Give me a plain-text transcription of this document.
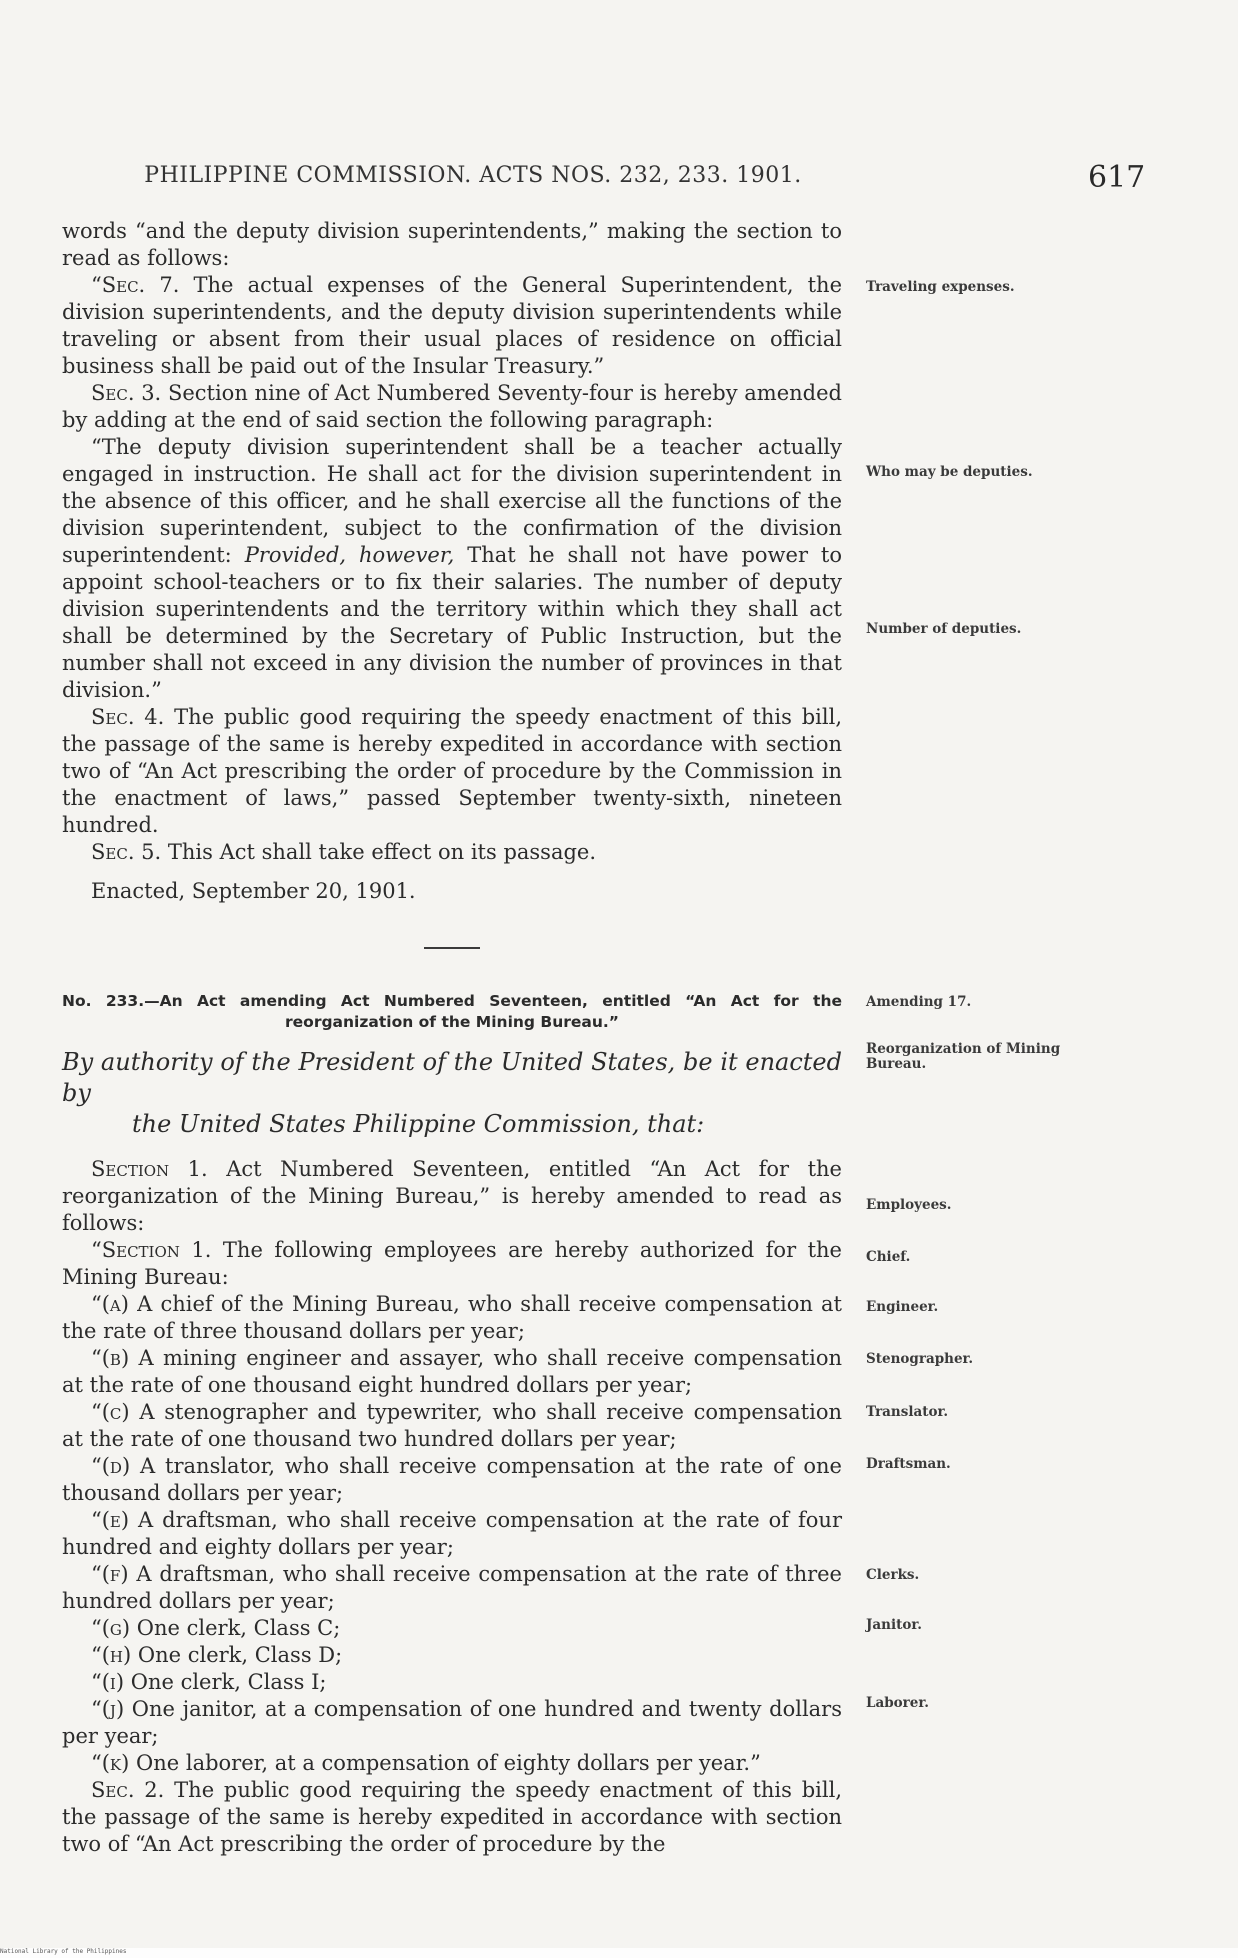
PHILIPPINE COMMISSION. ACTS NOS. 232, 233. 1901.	617

words “and the deputy division superintendents,” making the section to read as follows:

“Sec. 7. The actual expenses of the General Superintendent, the division superintendents, and the deputy division superintendents while traveling or absent from their usual places of residence on official business shall be paid out of the Insular Treasury.”

Sec. 3. Section nine of Act Numbered Seventy-four is hereby amended by adding at the end of said section the following paragraph:

“The deputy division superintendent shall be a teacher actually engaged in instruction. He shall act for the division superintendent in the absence of this officer, and he shall exercise all the functions of the division superintendent, subject to the confirmation of the division superintendent: Provided, however, That he shall not have power to appoint school-teachers or to fix their salaries. The number of deputy division superintendents and the territory within which they shall act shall be determined by the Secretary of Public Instruction, but the number shall not exceed in any division the number of provinces in that division.”

Sec. 4. The public good requiring the speedy enactment of this bill, the passage of the same is hereby expedited in accordance with section two of “An Act prescribing the order of procedure by the Commission in the enactment of laws,” passed September twenty-sixth, nineteen hundred.

Sec. 5. This Act shall take effect on its passage.

Enacted, September 20, 1901.

No. 233.—An Act amending Act Numbered Seventeen, entitled “An Act for the reorganization of the Mining Bureau.”

By authority of the President of the United States, be it enacted by
the United States Philippine Commission, that:

Section 1. Act Numbered Seventeen, entitled “An Act for the reorganization of the Mining Bureau,” is hereby amended to read as follows:

“Section 1. The following employees are hereby authorized for the Mining Bureau:

“(a) A chief of the Mining Bureau, who shall receive compensation at the rate of three thousand dollars per year;

“(b) A mining engineer and assayer, who shall receive compensation at the rate of one thousand eight hundred dollars per year;

“(c) A stenographer and typewriter, who shall receive compensation at the rate of one thousand two hundred dollars per year;

“(d) A translator, who shall receive compensation at the rate of one thousand dollars per year;

“(e) A draftsman, who shall receive compensation at the rate of four hundred and eighty dollars per year;

“(f) A draftsman, who shall receive compensation at the rate of three hundred dollars per year;

“(g) One clerk, Class C;

“(h) One clerk, Class D;

“(i) One clerk, Class I;

“(j) One janitor, at a compensation of one hundred and twenty dollars per year;

“(k) One laborer, at a compensation of eighty dollars per year.”

Sec. 2. The public good requiring the speedy enactment of this bill, the passage of the same is hereby expedited in accordance with section two of “An Act prescribing the order of procedure by the

Traveling expenses.
Who may be deputies.
Number of deputies.
Amending 17.
Reorganization of Mining Bureau.
Employees.
Chief.
Engineer.
Stenographer.
Translator.
Draftsman.
Clerks.
Janitor.
Laborer.
National Library of the Philippines
